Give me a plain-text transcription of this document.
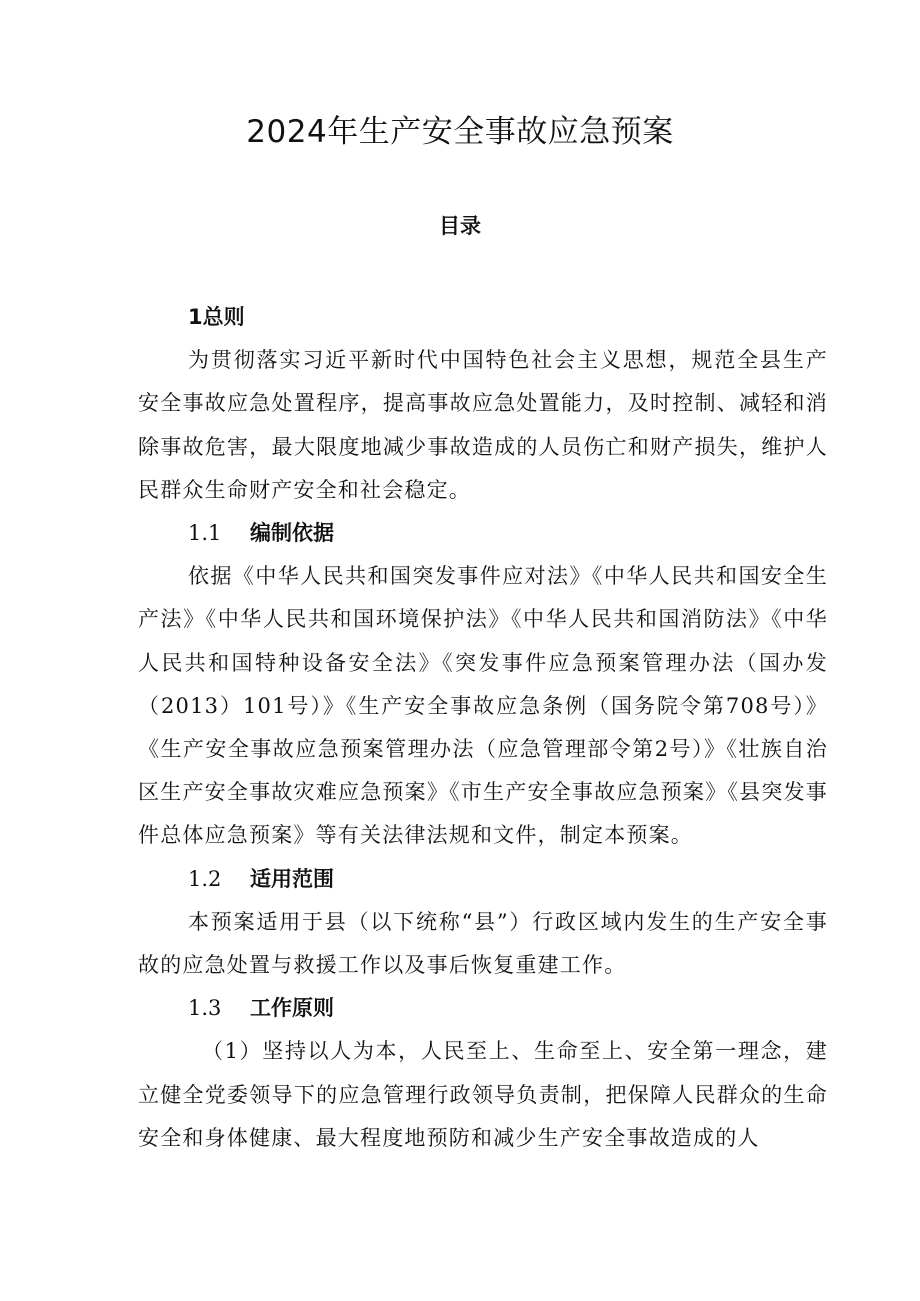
2024年生产安全事故应急预案
目录

1总则

为贯彻落实习近平新时代中国特色社会主义思想，规范全县生产安全事故应急处置程序，提高事故应急处置能力，及时控制、减轻和消除事故危害，最大限度地减少事故造成的人员伤亡和财产损失，维护人民群众生命财产安全和社会稳定。

1.1	编制依据

依据《中华人民共和国突发事件应对法》《中华人民共和国安全生产法》《中华人民共和国环境保护法》《中华人民共和国消防法》《中华人民共和国特种设备安全法》《突发事件应急预案管理办法（国办发（2013）101号）》《生产安全事故应急条例（国务院令第708号）》《生产安全事故应急预案管理办法（应急管理部令第2号）》《壮族自治区生产安全事故灾难应急预案》《市生产安全事故应急预案》《县突发事件总体应急预案》等有关法律法规和文件，制定本预案。

1.2	适用范围

本预案适用于县（以下统称“县”）行政区域内发生的生产安全事故的应急处置与救援工作以及事后恢复重建工作。

1.3	工作原则

（1）坚持以人为本，人民至上、生命至上、安全第一理念，建立健全党委领导下的应急管理行政领导负责制，把保障人民群众的生命安全和身体健康、最大程度地预防和减少生产安全事故造成的人
